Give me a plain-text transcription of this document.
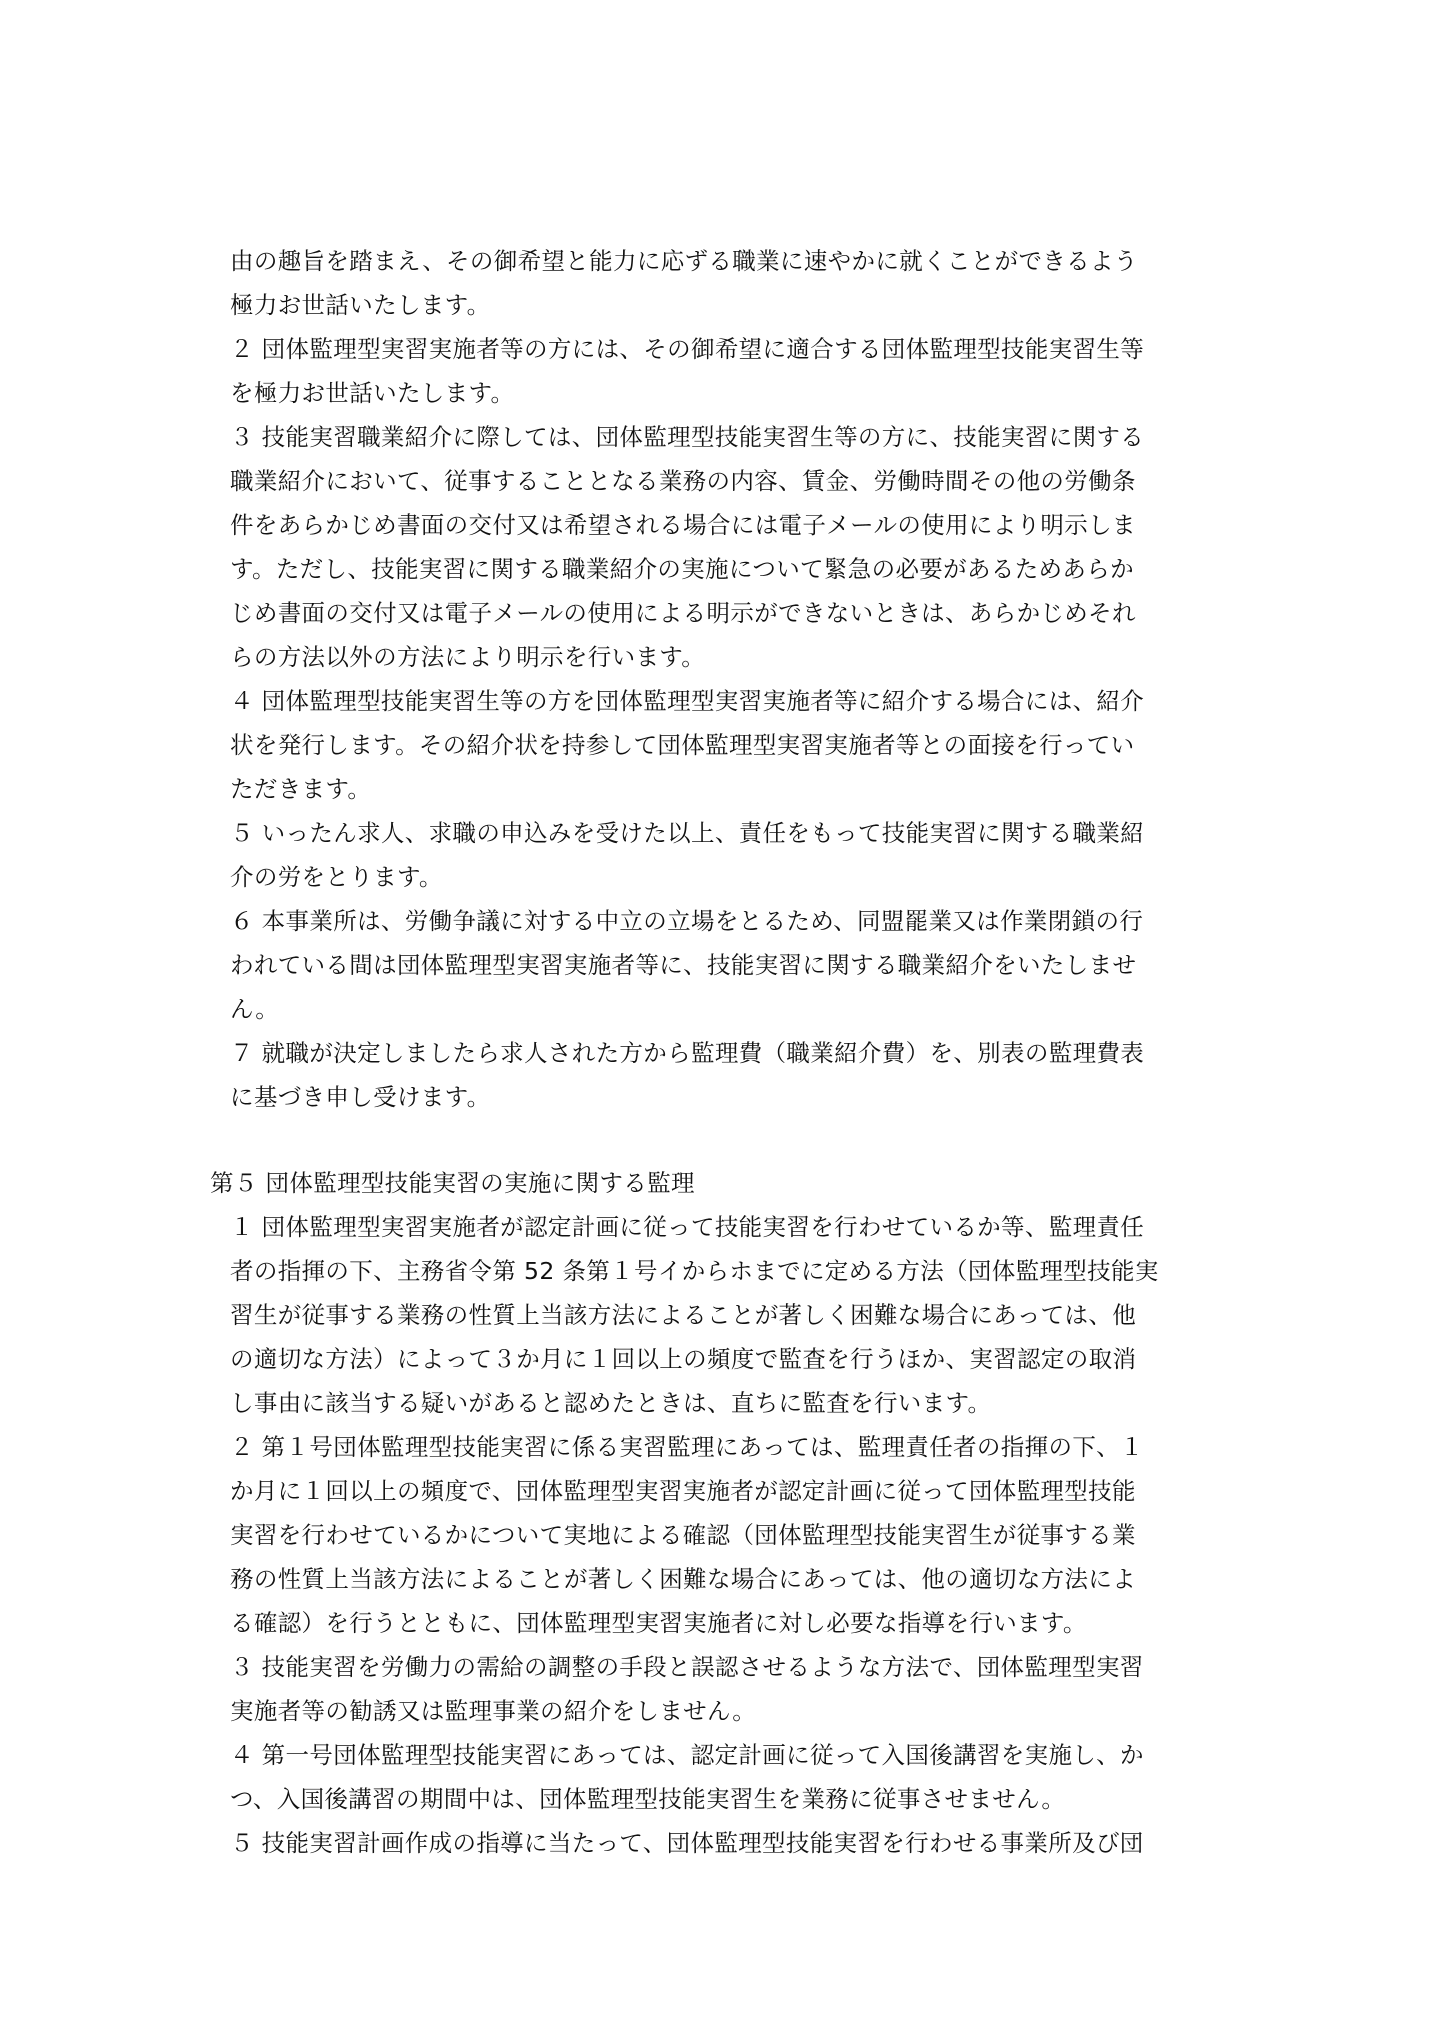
由の趣旨を踏まえ、その御希望と能力に応ずる職業に速やかに就くことができるよう
極力お世話いたします。
２ 団体監理型実習実施者等の方には、その御希望に適合する団体監理型技能実習生等
を極力お世話いたします。
３ 技能実習職業紹介に際しては、団体監理型技能実習生等の方に、技能実習に関する
職業紹介において、従事することとなる業務の内容、賃金、労働時間その他の労働条
件をあらかじめ書面の交付又は希望される場合には電子メールの使用により明示しま
す。ただし、技能実習に関する職業紹介の実施について緊急の必要があるためあらか
じめ書面の交付又は電子メールの使用による明示ができないときは、あらかじめそれ
らの方法以外の方法により明示を行います。
４ 団体監理型技能実習生等の方を団体監理型実習実施者等に紹介する場合には、紹介
状を発行します。その紹介状を持参して団体監理型実習実施者等との面接を行ってい
ただきます。
５ いったん求人、求職の申込みを受けた以上、責任をもって技能実習に関する職業紹
介の労をとります。
６ 本事業所は、労働争議に対する中立の立場をとるため、同盟罷業又は作業閉鎖の行
われている間は団体監理型実習実施者等に、技能実習に関する職業紹介をいたしませ
ん。
７ 就職が決定しましたら求人された方から監理費（職業紹介費）を、別表の監理費表
に基づき申し受けます。
第５ 団体監理型技能実習の実施に関する監理
１ 団体監理型実習実施者が認定計画に従って技能実習を行わせているか等、監理責任
者の指揮の下、主務省令第 52 条第１号イからホまでに定める方法（団体監理型技能実
習生が従事する業務の性質上当該方法によることが著しく困難な場合にあっては、他
の適切な方法）によって３か月に１回以上の頻度で監査を行うほか、実習認定の取消
し事由に該当する疑いがあると認めたときは、直ちに監査を行います。
２ 第１号団体監理型技能実習に係る実習監理にあっては、監理責任者の指揮の下、１
か月に１回以上の頻度で、団体監理型実習実施者が認定計画に従って団体監理型技能
実習を行わせているかについて実地による確認（団体監理型技能実習生が従事する業
務の性質上当該方法によることが著しく困難な場合にあっては、他の適切な方法によ
る確認）を行うとともに、団体監理型実習実施者に対し必要な指導を行います。
３ 技能実習を労働力の需給の調整の手段と誤認させるような方法で、団体監理型実習
実施者等の勧誘又は監理事業の紹介をしません。
４ 第一号団体監理型技能実習にあっては、認定計画に従って入国後講習を実施し、か
つ、入国後講習の期間中は、団体監理型技能実習生を業務に従事させません。
５ 技能実習計画作成の指導に当たって、団体監理型技能実習を行わせる事業所及び団
